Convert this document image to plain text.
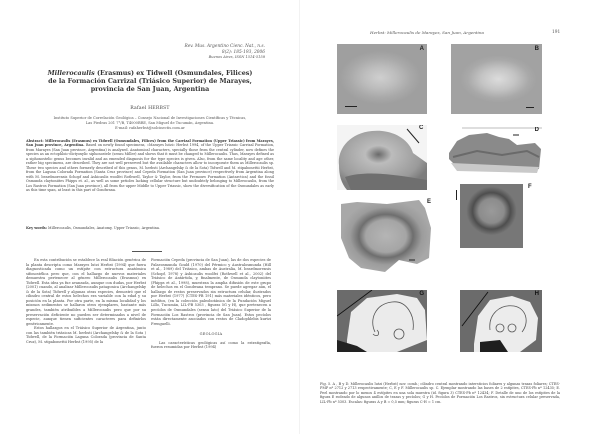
Rev. Mus. Argentino Cienc. Nat., n.s.
8(2): 185-193, 2006
Buenos Aires, ISSN 1514-5158
Millerocaulis (Erasmus) ex Tidwell (Osmundales, Filices)
de la Formación Carrizal (Triásico Superior) de Marayes,
provincia de San Juan, Argentina
Rafael HERBST
Instituto Superior de Correlación Geológica – Consejo Nacional de Investigaciones Científicas y Técnicas,
Las Piedras 201 7°/B, T4000BRE, San Miguel de Tucumán, Argentina.
E-mail: rafaherbst@solcinectis.com.ar
Abstract: Millerocaulis (Erasmus) ex Tidwell (Osmundales, Filices) from the Carrizal Formation (Upper Triassic) from Marayes, San Juan province, Argentina. Based on newly found specimens, «Marayes lutzi» Herbst 1994, of the Upper Triassic Carrizal Formation, from Marayes (San Juan province, Argentina) is analyzed. Anatomical characters, specially those from the central cylinder, now defines the species as an ectophloic-dictyoxylic siphonostele (sensu Miller) and shows that it must be changed to Millerocaulis. Thus, Marayes defined as a siphonostelic genus becomes invalid and an emended diagnosis for the type species is given. Also, from the same locality and age other, rather big specimens, are described. They are not well preserved but the available characters allow to incorporate them as Millerocaulis sp. These two species and others formerly described of this genus, M. herbsti (Archangelsky & de la Sota) Tidwell and M. stipabonettii Herbst, from the Laguna Colorada Formation (Santa Cruz province) and Cepeda Formation (San Juan province) respectively from Argentina along with M. beardmorensis Schopf and Ashicaulis woolfei Rothwell, Taylor & Taylor, from the Fremouw Formation (Antarctica) and the fossil Osmunda claytoniites Phipps et. al., as well as some petioles lacking cellular structure but undoubtely belonging to Millerocaulis, from the Los Rastros Formation (San Juan province), all from the upper Middle to Upper Triassic, show the diversification of the Osmundales as early as this time span, at least in this part of Gondwana.
Key words: Millerocaulis, Osmundales, Anatomy, Upper Triassic, Argentina.

En esta contribución se establece la real filiación genérica de la planta descripta como Marayes lutzi Herbst (1994) que fuera diagnosticada como un estípite con estructura anatómica sifonostélica pero que, con el hallazgo de nuevos materiales demuestra pertenecer al género Millerocaulis (Erasmus) ex Tidwell. Esta idea ya fue avanzada, aunque con dudas, por Herbst (2001) cuando, al analizar Millerocaulis patagonica (Archangelsky & de la Sota) Tidwell y algunas otras especies, demostró que el cilindro central de estos helechos era variable con la edad y su posición en la planta. Por otra parte, en la misma localidad y los mismos sedimentos se hallaron otros ejemplares, bastante más grandes, también atribuibles a Millerocaulis pero que por su preservación deficiente no pueden ser determinados a nivel de especie, aunque tienen suficientes caracteres para definirlos genéricamente.

Estos hallazgos en el Triásico Superior de Argentina, junto con las también triásicas M. herbsti (Archangelsky & de la Sota ) Tidwell, de la Formación Laguna Colorada (provincia de Santa Cruz), M. stipabonettii Herbst (1995) de la

Formación Cepeda (provincia de San Juan), las de dos especies de Palaeosmunda Gould (1970) del Pérmico y Australosmunda (Hill et al., 1989) del Triásico, ambas de Australia, M. beardmorensis (Schopf, 1978) y Ashicaulis woolfei (Rothwell et al., 2002) del Triásico de Antártida, y, finalmente, de Osmunda claytoniites (Phipps et al., 1998), muestran la amplia difusión de este grupo de helechos en el Gondwana temprano. Se puede agregar aún, el hallazgo de restos preservados sin estructura celular, ilustrados por Herbst (1977) (CTES-PB 191) más materiales idénticos, pero inéditos, (en la colección paleobotánica de la Fundación Miguel Lillo, Tucumán, LIL-PB 5303 , figuras 5G y H), que pertenecen a pecíolos de Osmundales (sensu lato) del Triásico Superior de la Formación Los Rastros (provincia de San Juan). Estos pecíolos están directamente asociados con restos de Cladophlebis kurtzi Frenguelli.

GEOLOGIA

Las características geológicas así como la estratigrafía, fueron resumidas por Herbst (1994)

Herbst: Millerocaulis de Marayes, San Juan, Argentina	191
A	B
C	D
E
F
G	H
Fig. 5. A , B y D. Millerocaulis lutzi (Herbst) nov. comb.; cilindro central mostrando intersticios foliares y algunas trazas foliares; CTES-PMP nº 2712 y 2713 respectivamente; C, E y F. Millerocaulis sp. C. Ejemplar mostrando las bases de 2 estípites, CTES-Pb nº 12435; E. Peel mostrando por lo menos 4 estípites en una sola muestra (id. figura 3) CTES-Pb nº 12434; F. Detalle de uno de los estípites de la figura E rodeado de algunos anillos de trazas y pecíolos; G y H. Pecíolos de Formación Los Rastros, sin estructura celular preservada, LIL-Pb nº 5303. Escalas: figuras A y B = 0,5 mm; figuras C-H = 1 cm.
